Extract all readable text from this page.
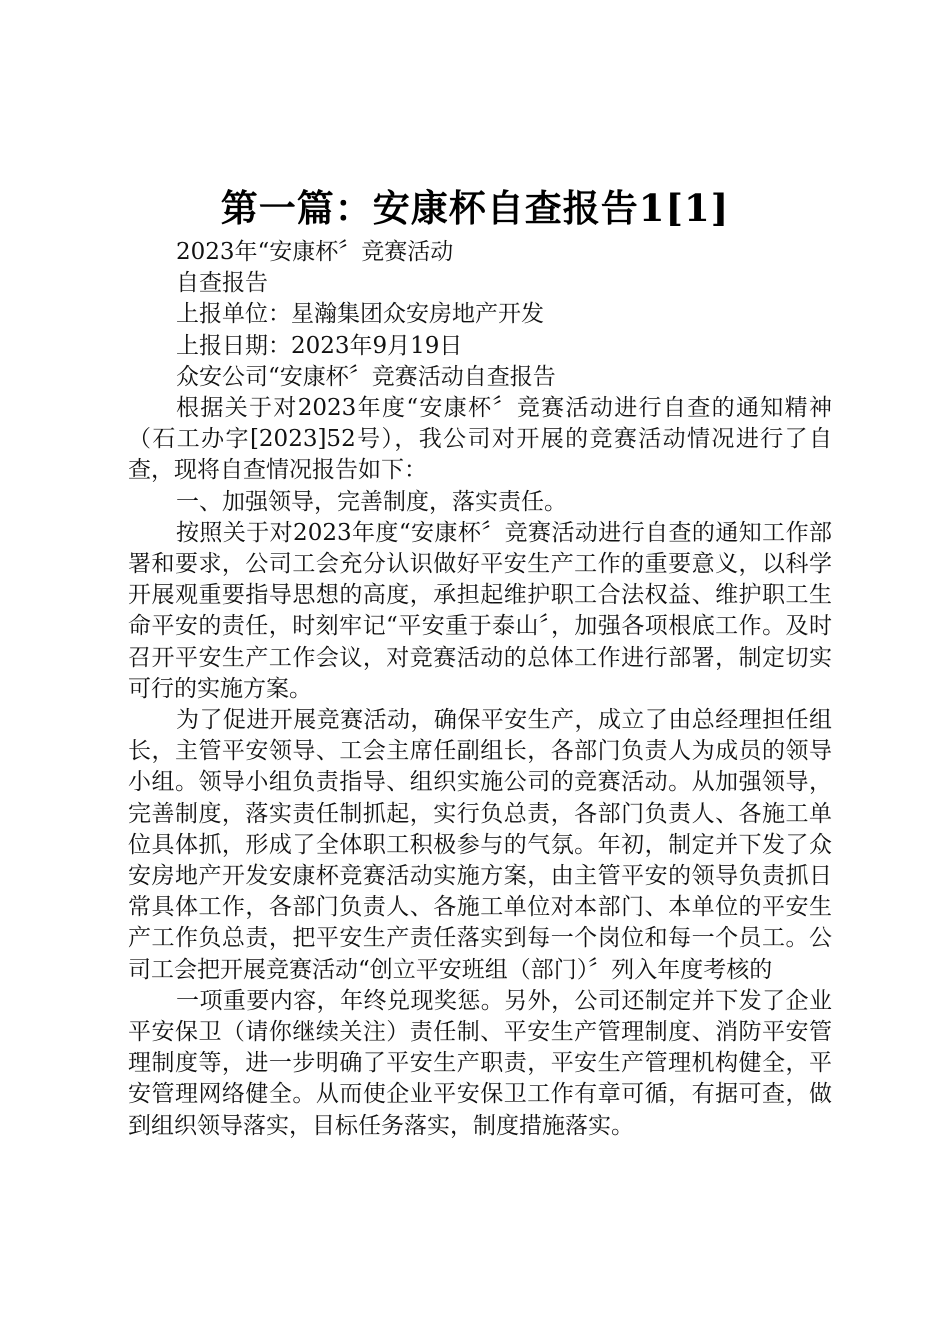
第一篇：安康杯自查报告1[1]

2023年“安康杯〞竞赛活动

自查报告

上报单位：星瀚集团众安房地产开发

上报日期：2023年9月19日

众安公司“安康杯〞竞赛活动自查报告

根据关于对2023年度“安康杯〞竞赛活动进行自查的通知精神（石工办字[2023]52号），我公司对开展的竞赛活动情况进行了自查，现将自查情况报告如下：

一、加强领导，完善制度，落实责任。

按照关于对2023年度“安康杯〞竞赛活动进行自查的通知工作部署和要求，公司工会充分认识做好平安生产工作的重要意义，以科学开展观重要指导思想的高度，承担起维护职工合法权益、维护职工生命平安的责任，时刻牢记“平安重于泰山〞，加强各项根底工作。及时召开平安生产工作会议，对竞赛活动的总体工作进行部署，制定切实可行的实施方案。

为了促进开展竞赛活动，确保平安生产，成立了由总经理担任组长，主管平安领导、工会主席任副组长，各部门负责人为成员的领导小组。领导小组负责指导、组织实施公司的竞赛活动。从加强领导，完善制度，落实责任制抓起，实行负总责，各部门负责人、各施工单位具体抓，形成了全体职工积极参与的气氛。年初，制定并下发了众安房地产开发安康杯竞赛活动实施方案，由主管平安的领导负责抓日常具体工作，各部门负责人、各施工单位对本部门、本单位的平安生产工作负总责，把平安生产责任落实到每一个岗位和每一个员工。公司工会把开展竞赛活动“创立平安班组（部门）〞列入年度考核的

一项重要内容，年终兑现奖惩。另外，公司还制定并下发了企业平安保卫（请你继续关注）责任制、平安生产管理制度、消防平安管理制度等，进一步明确了平安生产职责，平安生产管理机构健全，平安管理网络健全。从而使企业平安保卫工作有章可循，有据可查，做到组织领导落实，目标任务落实，制度措施落实。
